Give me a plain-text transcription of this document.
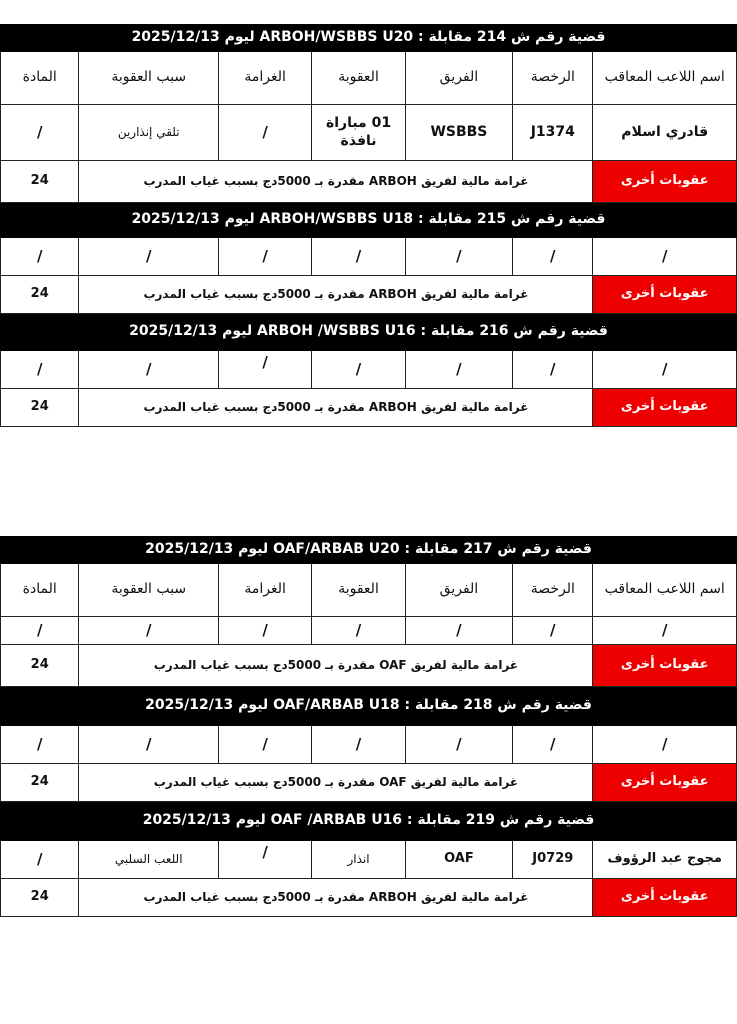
قضية رقم ش 214 مقابلة : ARBOH/WSBBS U20 ليوم 2025/12/13						
اسم اللاعب المعاقب	الرخصة	الفريق	العقوبة	الغرامة	سبب العقوبة	المادة
قادري اسلام	J1374	WSBBS	01 مباراة نافذة	/	تلقي إنذارين	/
عقوبات أخرى	غرامة مالية لفريق ARBOH مقدرة بـ 5000دج بسبب غياب المدرب					24
قضية رقم ش 215 مقابلة : ARBOH/WSBBS U18 ليوم 2025/12/13						
/	/	/	/	/	/	/
عقوبات أخرى	غرامة مالية لفريق ARBOH مقدرة بـ 5000دج بسبب غياب المدرب					24
قضية رقم ش 216 مقابلة : ARBOH /WSBBS U16 ليوم 2025/12/13						
/	/	/	/	/	/	/
عقوبات أخرى	غرامة مالية لفريق ARBOH مقدرة بـ 5000دج بسبب غياب المدرب					24
قضية رقم ش 217 مقابلة : OAF/ARBAB U20 ليوم 2025/12/13						
اسم اللاعب المعاقب	الرخصة	الفريق	العقوبة	الغرامة	سبب العقوبة	المادة
/	/	/	/	/	/	/
عقوبات أخرى	غرامة مالية لفريق OAF مقدرة بـ 5000دج بسبب غياب المدرب					24
قضية رقم ش 218 مقابلة : OAF/ARBAB U18 ليوم 2025/12/13						
/	/	/	/	/	/	/
عقوبات أخرى	غرامة مالية لفريق OAF مقدرة بـ 5000دج بسبب غياب المدرب					24
قضية رقم ش 219 مقابلة : OAF /ARBAB U16 ليوم 2025/12/13						
مجوج عبد الرؤوف	J0729	OAF	انذار	/	اللعب السلبي	/
عقوبات أخرى	غرامة مالية لفريق ARBOH مقدرة بـ 5000دج بسبب غياب المدرب					24
